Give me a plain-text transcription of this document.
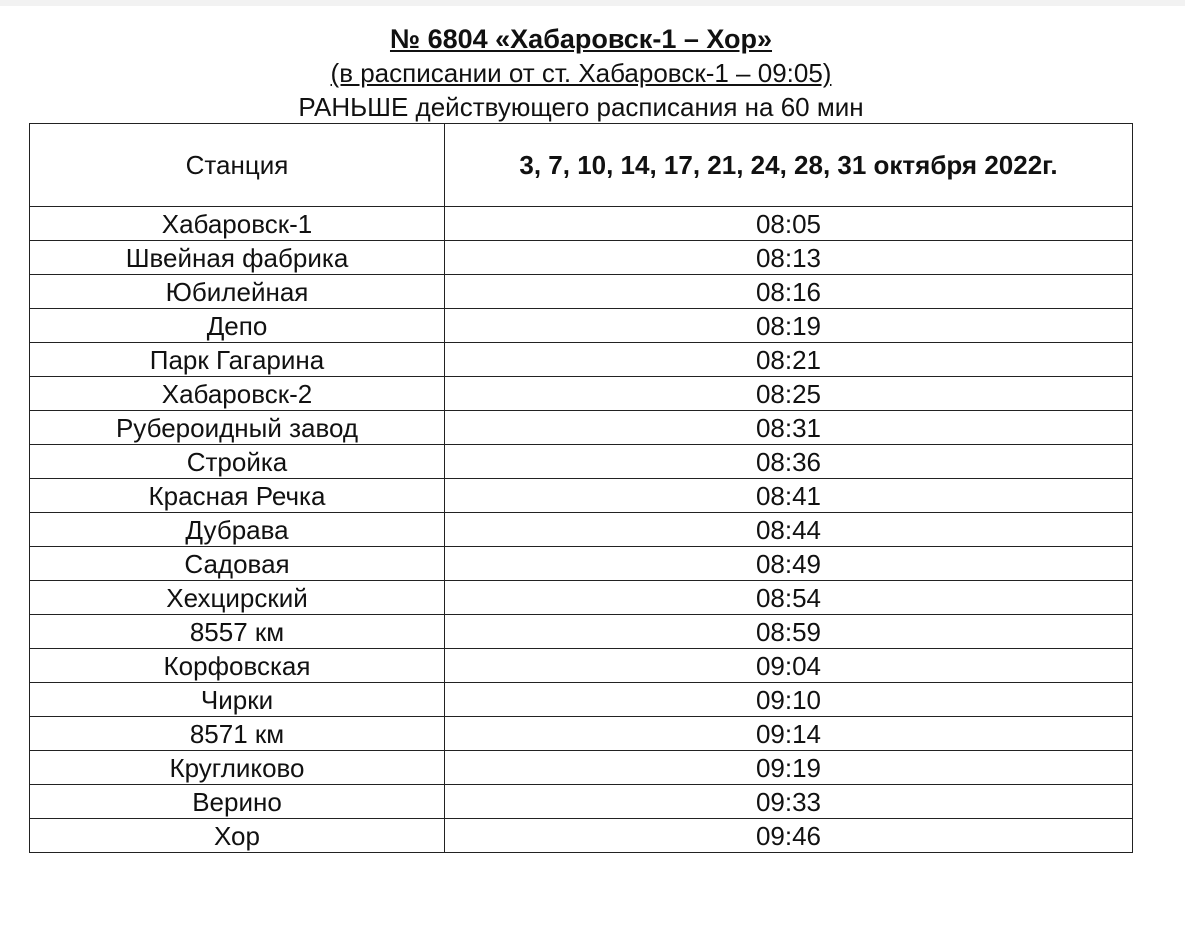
№ 6804 «Хабаровск-1 – Хор»
(в расписании от ст. Хабаровск-1 – 09:05)
РАНЬШЕ действующего расписания на 60 мин
Станция	3, 7, 10, 14, 17, 21, 24, 28, 31 октября 2022г.
Хабаровск-1	08:05
Швейная фабрика	08:13
Юбилейная	08:16
Депо	08:19
Парк Гагарина	08:21
Хабаровск-2	08:25
Рубероидный завод	08:31
Стройка	08:36
Красная Речка	08:41
Дубрава	08:44
Садовая	08:49
Хехцирский	08:54
8557 км	08:59
Корфовская	09:04
Чирки	09:10
8571 км	09:14
Кругликово	09:19
Верино	09:33
Хор	09:46
